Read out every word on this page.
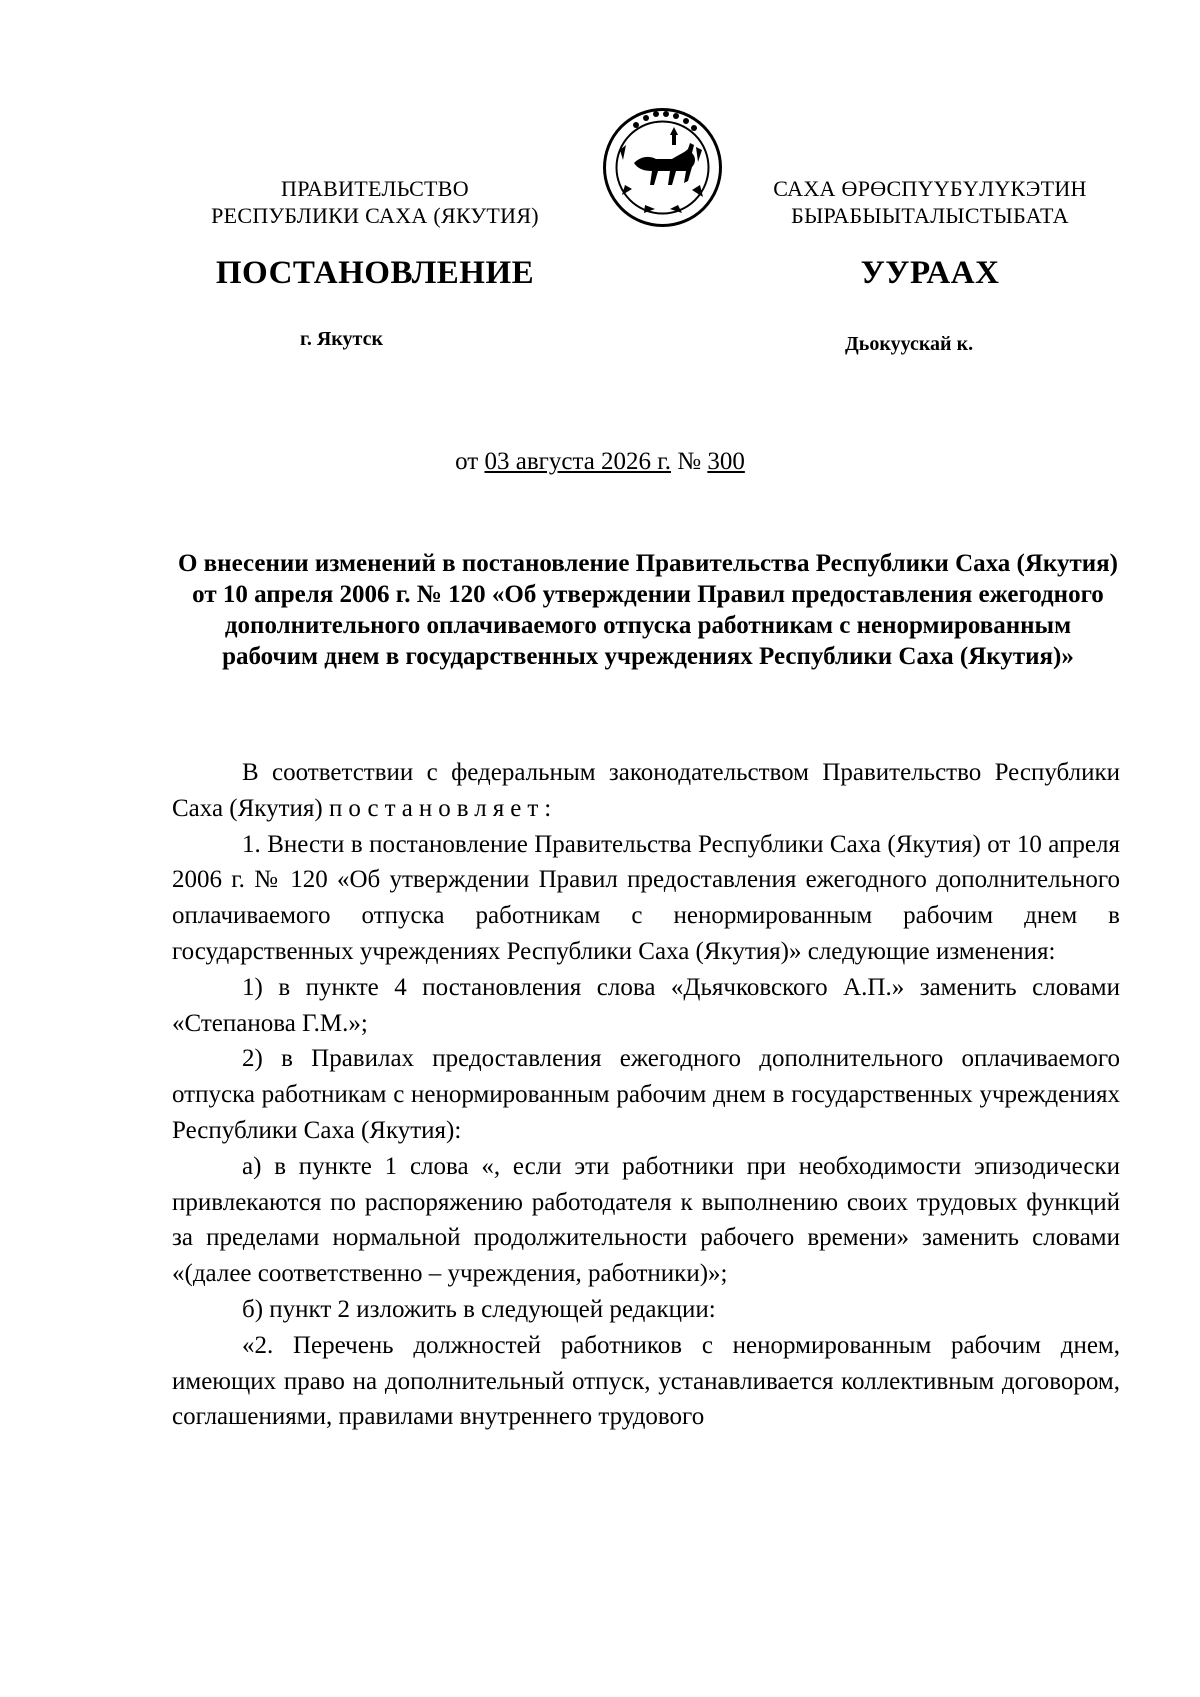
ПРАВИТЕЛЬСТВО
РЕСПУБЛИКИ САХА (ЯКУТИЯ)
САХА ӨРӨСПҮҮБҮЛҮКЭТИН
БЫРАБЫЫТАЛЫСТЫБАТА
ПОСТАНОВЛЕНИЕ	УУРААХ
г. Якутск	Дьокуускай к.
от 03 августа 2026 г. № 300
О внесении изменений в постановление Правительства Республики Саха (Якутия) от 10 апреля 2006 г. № 120 «Об утверждении Правил предоставления ежегодного дополнительного оплачиваемого отпуска работникам с ненормированным рабочим днем в государственных учреждениях Республики Саха (Якутия)»

В соответствии с федеральным законодательством Правительство Республики Саха (Якутия) постановляет:

1. Внести в постановление Правительства Республики Саха (Якутия) от 10 апреля 2006 г. № 120 «Об утверждении Правил предоставления ежегодного дополнительного оплачиваемого отпуска работникам с ненормированным рабочим днем в государственных учреждениях Республики Саха (Якутия)» следующие изменения:

1) в пункте 4 постановления слова «Дьячковского А.П.» заменить словами «Степанова Г.М.»;

2) в Правилах предоставления ежегодного дополнительного оплачиваемого отпуска работникам с ненормированным рабочим днем в государственных учреждениях Республики Саха (Якутия):

а) в пункте 1 слова «, если эти работники при необходимости эпизодически привлекаются по распоряжению работодателя к выполнению своих трудовых функций за пределами нормальной продолжительности рабочего времени» заменить словами «(далее соответственно – учреждения, работники)»;

б) пункт 2 изложить в следующей редакции:

«2. Перечень должностей работников с ненормированным рабочим днем, имеющих право на дополнительный отпуск, устанавливается коллективным договором, соглашениями, правилами внутреннего трудового
